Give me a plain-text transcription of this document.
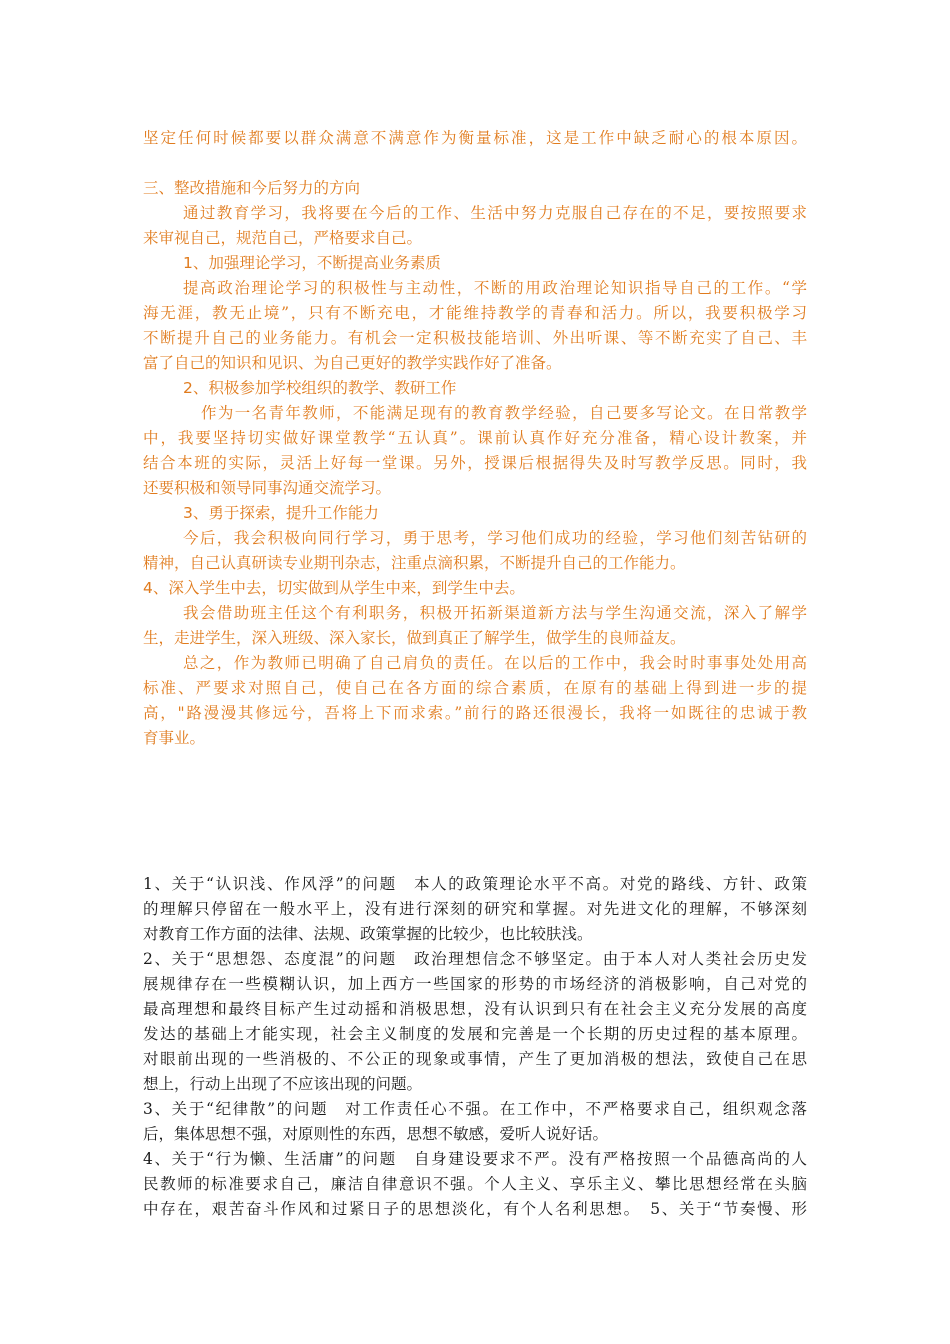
坚定任何时候都要以群众满意不满意作为衡量标准，这是工作中缺乏耐心的根本原因。
三、整改措施和今后努力的方向
通过教育学习，我将要在今后的工作、生活中努力克服自己存在的不足，要按照要求
来审视自己，规范自己，严格要求自己。
1、加强理论学习，不断提高业务素质
提高政治理论学习的积极性与主动性，不断的用政治理论知识指导自己的工作。“学
海无涯，教无止境”，只有不断充电，才能维持教学的青春和活力。所以，我要积极学习
不断提升自己的业务能力。有机会一定积极技能培训、外出听课、等不断充实了自己、丰
富了自己的知识和见识、为自己更好的教学实践作好了准备。
2、积极参加学校组织的教学、教研工作
作为一名青年教师，不能满足现有的教育教学经验，自己要多写论文。在日常教学
中，我要坚持切实做好课堂教学“五认真”。课前认真作好充分准备，精心设计教案，并
结合本班的实际，灵活上好每一堂课。另外，授课后根据得失及时写教学反思。同时，我
还要积极和领导同事沟通交流学习。
3、勇于探索，提升工作能力
今后，我会积极向同行学习，勇于思考，学习他们成功的经验，学习他们刻苦钻研的
精神，自己认真研读专业期刊杂志，注重点滴积累，不断提升自己的工作能力。
4、深入学生中去，切实做到从学生中来，到学生中去。
我会借助班主任这个有利职务，积极开拓新渠道新方法与学生沟通交流，深入了解学
生，走进学生，深入班级、深入家长，做到真正了解学生，做学生的良师益友。
总之，作为教师已明确了自己肩负的责任。在以后的工作中，我会时时事事处处用高
标准、严要求对照自己，使自己在各方面的综合素质，在原有的基础上得到进一步的提
高，"路漫漫其修远兮，吾将上下而求索。”前行的路还很漫长，我将一如既往的忠诚于教
育事业。
1、关于“认识浅、作风浮”的问题　本人的政策理论水平不高。对党的路线、方针、政策
的理解只停留在一般水平上，没有进行深刻的研究和掌握。对先进文化的理解，不够深刻
对教育工作方面的法律、法规、政策掌握的比较少，也比较肤浅。
2、关于“思想怨、态度混”的问题　政治理想信念不够坚定。由于本人对人类社会历史发
展规律存在一些模糊认识，加上西方一些国家的形势的市场经济的消极影响，自己对党的
最高理想和最终目标产生过动摇和消极思想，没有认识到只有在社会主义充分发展的高度
发达的基础上才能实现，社会主义制度的发展和完善是一个长期的历史过程的基本原理。
对眼前出现的一些消极的、不公正的现象或事情，产生了更加消极的想法，致使自己在思
想上，行动上出现了不应该出现的问题。
3、关于“纪律散”的问题　对工作责任心不强。在工作中，不严格要求自己，组织观念落
后，集体思想不强，对原则性的东西，思想不敏感，爱听人说好话。
4、关于“行为懒、生活庸”的问题　自身建设要求不严。没有严格按照一个品德高尚的人
民教师的标准要求自己，廉洁自律意识不强。个人主义、享乐主义、攀比思想经常在头脑
中存在，艰苦奋斗作风和过紧日子的思想淡化，有个人名利思想。　5、关于“节奏慢、形
